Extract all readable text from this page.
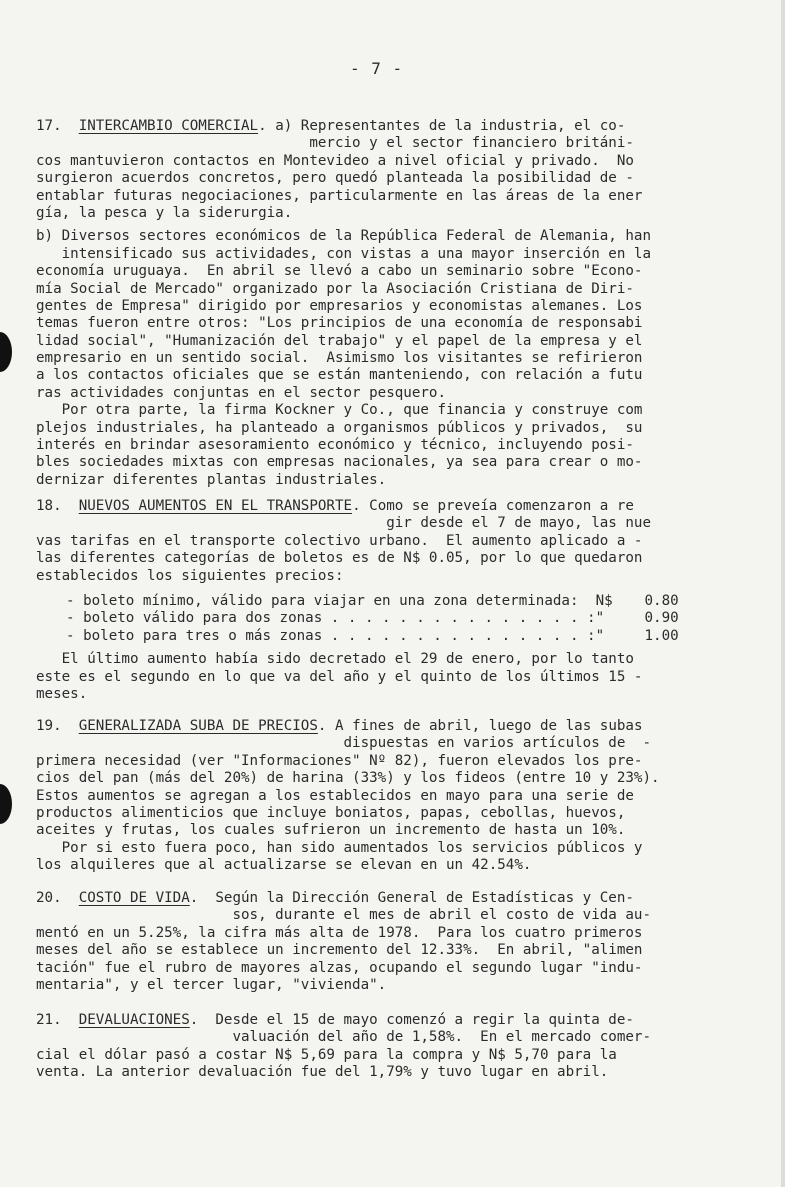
- 7 -
17. INTERCAMBIO COMERCIAL. a) Representantes de la industria, el co-
mercio y el sector financiero británi-
cos mantuvieron contactos en Montevideo a nivel oficial y privado.  No
surgieron acuerdos concretos, pero quedó planteada la posibilidad de -
entablar futuras negociaciones, particularmente en las áreas de la ener
gía, la pesca y la siderurgia.
b) Diversos sectores económicos de la República Federal de Alemania, han
intensificado sus actividades, con vistas a una mayor inserción en la
economía uruguaya.  En abril se llevó a cabo un seminario sobre "Econo-
mía Social de Mercado" organizado por la Asociación Cristiana de Diri-
gentes de Empresa" dirigido por empresarios y economistas alemanes. Los
temas fueron entre otros: "Los principios de una economía de responsabi
lidad social", "Humanización del trabajo" y el papel de la empresa y el
empresario en un sentido social.  Asimismo los visitantes se refirieron
a los contactos oficiales que se están manteniendo, con relación a futu
ras actividades conjuntas en el sector pesquero.
Por otra parte, la firma Kockner y Co., que financia y construye com
plejos industriales, ha planteado a organismos públicos y privados,  su
interés en brindar asesoramiento económico y técnico, incluyendo posi-
bles sociedades mixtas con empresas nacionales, ya sea para crear o mo-
dernizar diferentes plantas industriales.
18. NUEVOS AUMENTOS EN EL TRANSPORTE. Como se preveía comenzaron a re
gir desde el 7 de mayo, las nue
vas tarifas en el transporte colectivo urbano.  El aumento aplicado a -
las diferentes categorías de boletos es de N$ 0.05, por lo que quedaron
establecidos los siguientes precios:
- boleto mínimo, válido para viajar en una zona determinada:	N$	0.80
- boleto válido para dos zonas . . . . . . . . . . . . . . . :	"	0.90
- boleto para tres o más zonas . . . . . . . . . . . . . . . :	"	1.00
El último aumento había sido decretado el 29 de enero, por lo tanto
este es el segundo en lo que va del año y el quinto de los últimos 15 -
meses.
19. GENERALIZADA SUBA DE PRECIOS. A fines de abril, luego de las subas
dispuestas en varios artículos de  -
primera necesidad (ver "Informaciones" Nº 82), fueron elevados los pre-
cios del pan (más del 20%) de harina (33%) y los fideos (entre 10 y 23%).
Estos aumentos se agregan a los establecidos en mayo para una serie de
productos alimenticios que incluye boniatos, papas, cebollas, huevos,
aceites y frutas, los cuales sufrieron un incremento de hasta un 10%.
Por si esto fuera poco, han sido aumentados los servicios públicos y
los alquileres que al actualizarse se elevan en un 42.54%.
20. COSTO DE VIDA.  Según la Dirección General de Estadísticas y Cen-
sos, durante el mes de abril el costo de vida au-
mentó en un 5.25%, la cifra más alta de 1978.  Para los cuatro primeros
meses del año se establece un incremento del 12.33%.  En abril, "alimen
tación" fue el rubro de mayores alzas, ocupando el segundo lugar "indu-
mentaria", y el tercer lugar, "vivienda".
21. DEVALUACIONES.  Desde el 15 de mayo comenzó a regir la quinta de-
valuación del año de 1,58%.  En el mercado comer-
cial el dólar pasó a costar N$ 5,69 para la compra y N$ 5,70 para la
venta. La anterior devaluación fue del 1,79% y tuvo lugar en abril.
